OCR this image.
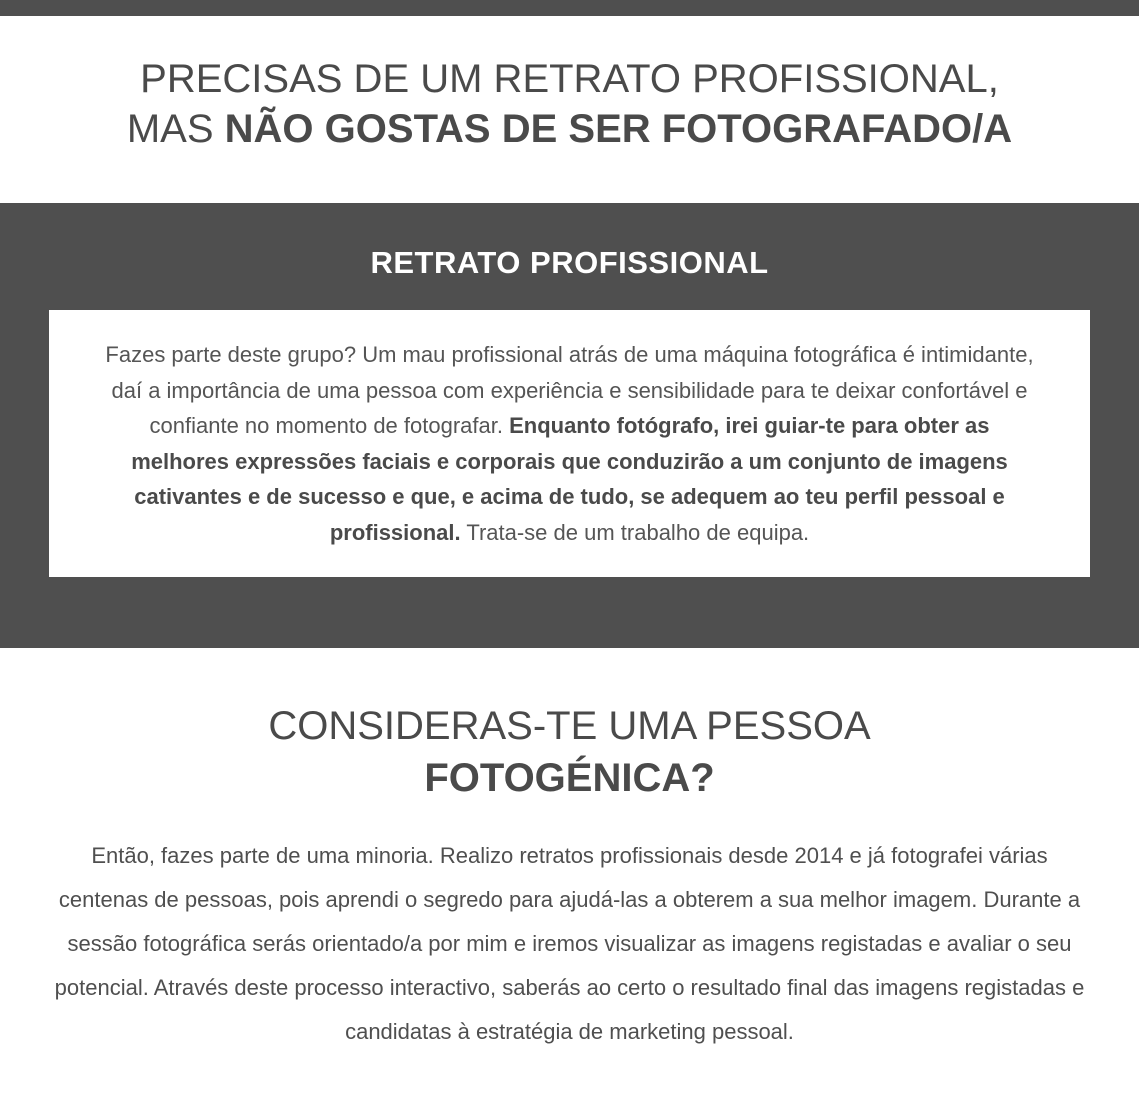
PRECISAS DE UM RETRATO PROFISSIONAL,
MAS NÃO GOSTAS DE SER FOTOGRAFADO/A
RETRATO PROFISSIONAL
Fazes parte deste grupo? Um mau profissional atrás de uma máquina fotográfica é intimidante, daí a importância de uma pessoa com experiência e sensibilidade para te deixar confortável e confiante no momento de fotografar. Enquanto fotógrafo, irei guiar-te para obter as melhores expressões faciais e corporais que conduzirão a um conjunto de imagens cativantes e de sucesso e que, e acima de tudo, se adequem ao teu perfil pessoal e profissional. Trata-se de um trabalho de equipa.
CONSIDERAS-TE UMA PESSOA
FOTOGÉNICA?

Então, fazes parte de uma minoria. Realizo retratos profissionais desde 2014 e já fotografei várias centenas de pessoas, pois aprendi o segredo para ajudá-las a obterem a sua melhor imagem. Durante a sessão fotográfica serás orientado/a por mim e iremos visualizar as imagens registadas e avaliar o seu potencial. Através deste processo interactivo, saberás ao certo o resultado final das imagens registadas e candidatas à estratégia de marketing pessoal.
